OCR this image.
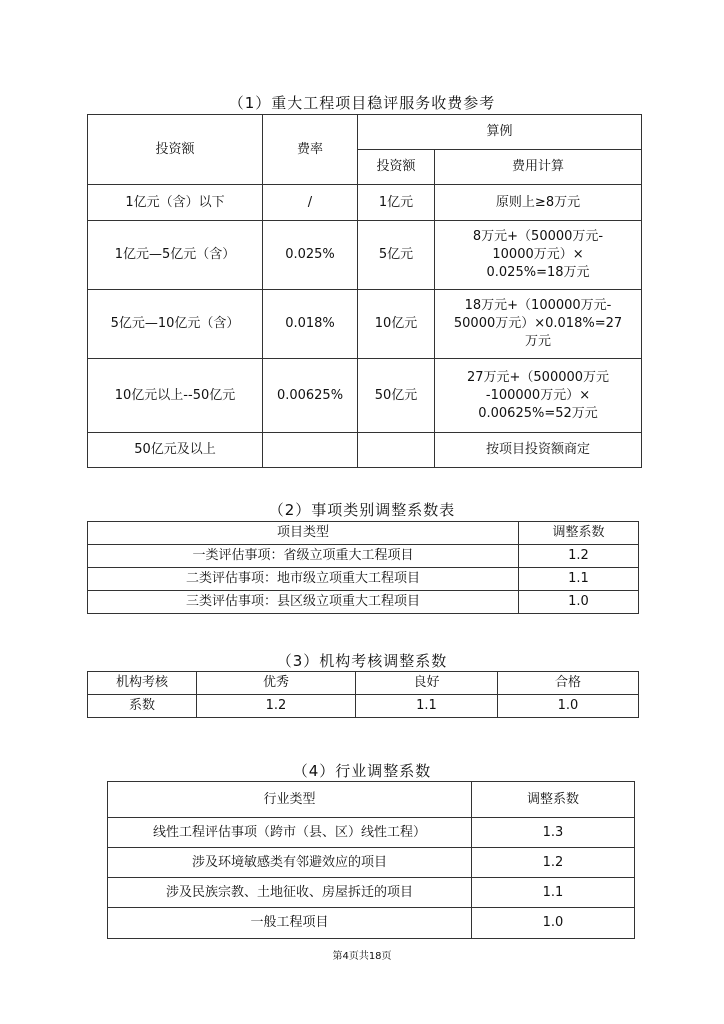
（1）重大工程项目稳评服务收费参考
投资额	费率	算例	
		投资额	费用计算
1亿元（含）以下	/	1亿元	原则上≥8万元

1亿元—5亿元（含）	0.025%	5亿元	8万元+（50000万元-
10000万元）×
0.025%=18万元

5亿元—10亿元（含）	0.018%	10亿元	18万元+（100000万元-
50000万元）×0.018%=27
万元

10亿元以上--50亿元	0.00625%	50亿元	27万元+（500000万元
-100000万元）×
0.00625%=52万元

50亿元及以上			按项目投资额商定
（2）事项类别调整系数表
项目类型	调整系数
一类评估事项：省级立项重大工程项目	1.2
二类评估事项：地市级立项重大工程项目	1.1
三类评估事项：县区级立项重大工程项目	1.0
（3）机构考核调整系数
机构考核	优秀	良好	合格
系数	1.2	1.1	1.0
（4）行业调整系数
行业类型	调整系数
线性工程评估事项（跨市（县、区）线性工程）	1.3
涉及环境敏感类有邻避效应的项目	1.2
涉及民族宗教、土地征收、房屋拆迁的项目	1.1
一般工程项目	1.0
第4页共18页
